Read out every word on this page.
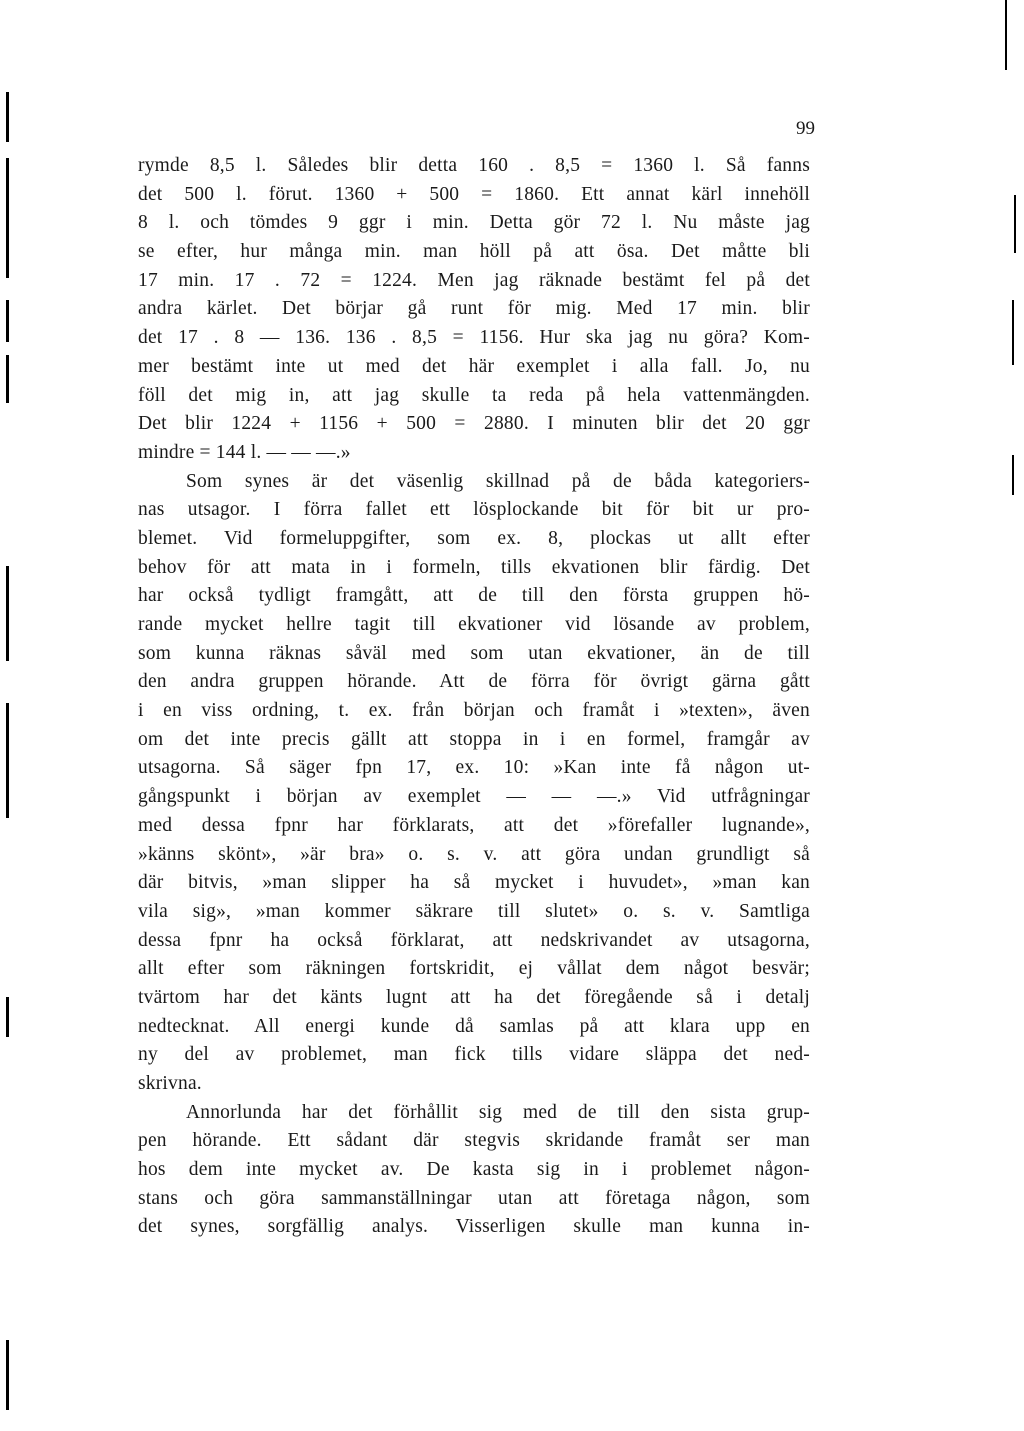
99
rymde 8,5 l. Således blir detta 160 . 8,5 = 1360 l. Så fanns
det 500 l. förut. 1360 + 500 = 1860. Ett annat kärl innehöll
8 l. och tömdes 9 ggr i min. Detta gör 72 l. Nu måste jag
se efter, hur många min. man höll på att ösa. Det måtte bli
17 min. 17 . 72 = 1224. Men jag räknade bestämt fel på det
andra kärlet. Det börjar gå runt för mig. Med 17 min. blir
det 17 . 8 — 136. 136 . 8,5 = 1156. Hur ska jag nu göra? Kom-
mer bestämt inte ut med det här exemplet i alla fall. Jo, nu
föll det mig in, att jag skulle ta reda på hela vattenmängden.
Det blir 1224 + 1156 + 500 = 2880. I minuten blir det 20 ggr
mindre = 144 l. — — —.»
Som synes är det väsenlig skillnad på de båda kategoriers-
nas utsagor. I förra fallet ett lösplockande bit för bit ur pro-
blemet. Vid formeluppgifter, som ex. 8, plockas ut allt efter
behov för att mata in i formeln, tills ekvationen blir färdig. Det
har också tydligt framgått, att de till den första gruppen hö-
rande mycket hellre tagit till ekvationer vid lösande av problem,
som kunna räknas såväl med som utan ekvationer, än de till
den andra gruppen hörande. Att de förra för övrigt gärna gått
i en viss ordning, t. ex. från början och framåt i »texten», även
om det inte precis gällt att stoppa in i en formel, framgår av
utsagorna. Så säger fpn 17, ex. 10: »Kan inte få någon ut-
gångspunkt i början av exemplet — — —.» Vid utfrågningar
med dessa fpnr har förklarats, att det »förefaller lugnande»,
»känns skönt», »är bra» o. s. v. att göra undan grundligt så
där bitvis, »man slipper ha så mycket i huvudet», »man kan
vila sig», »man kommer säkrare till slutet» o. s. v. Samtliga
dessa fpnr ha också förklarat, att nedskrivandet av utsagorna,
allt efter som räkningen fortskridit, ej vållat dem något besvär;
tvärtom har det känts lugnt att ha det föregående så i detalj
nedtecknat. All energi kunde då samlas på att klara upp en
ny del av problemet, man fick tills vidare släppa det ned-
skrivna.
Annorlunda har det förhållit sig med de till den sista grup-
pen hörande. Ett sådant där stegvis skridande framåt ser man
hos dem inte mycket av. De kasta sig in i problemet någon-
stans och göra sammanställningar utan att företaga någon, som
det synes, sorgfällig analys. Visserligen skulle man kunna in-
